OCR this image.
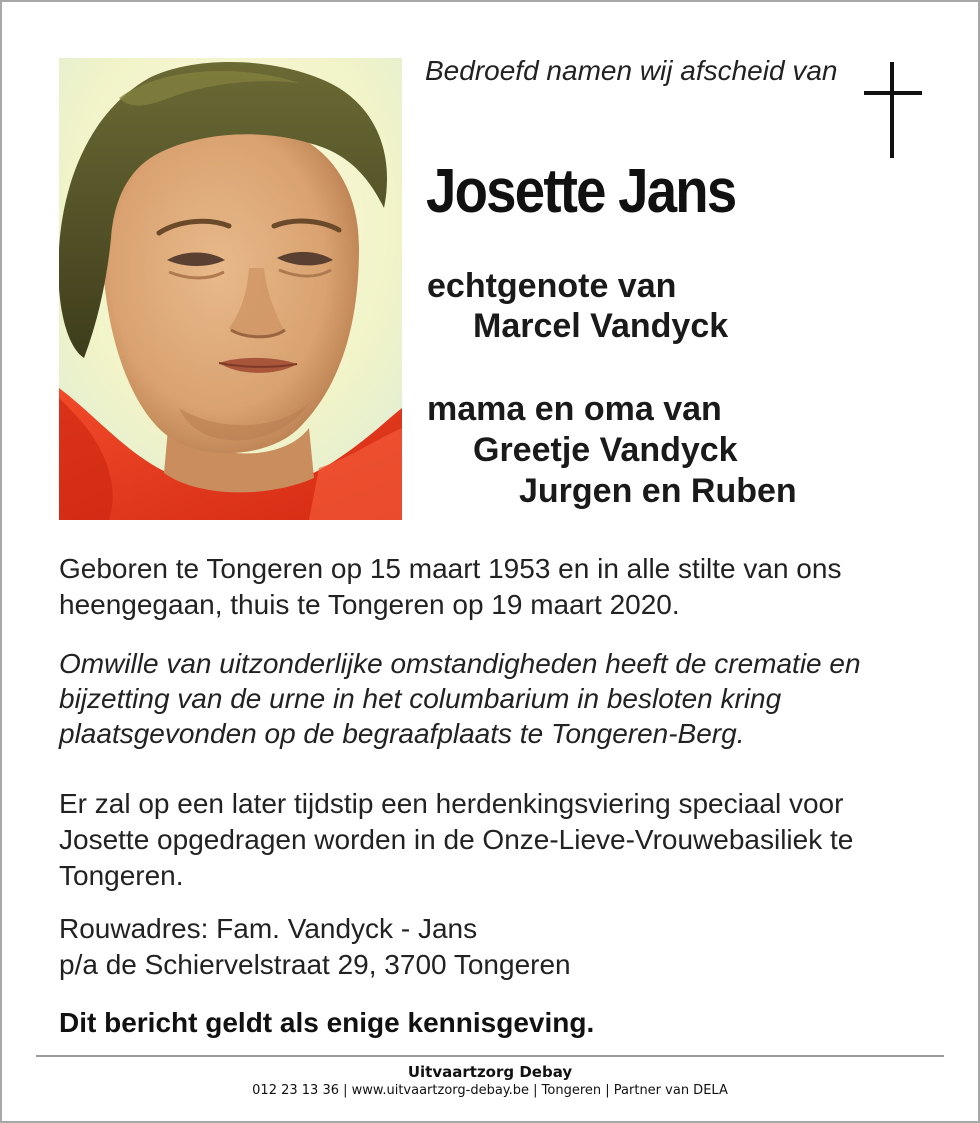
Bedroefd namen wij afscheid van
Josette Jans
echtgenote van
Marcel Vandyck
mama en oma van
Greetje Vandyck
Jurgen en Ruben
Geboren te Tongeren op 15 maart 1953 en in alle stilte van ons heengegaan, thuis te Tongeren op 19 maart 2020.
Omwille van uitzonderlijke omstandigheden heeft de crematie en bijzetting van de urne in het columbarium in besloten kring plaatsgevonden op de begraafplaats te Tongeren-Berg.
Er zal op een later tijdstip een herdenkingsviering speciaal voor Josette opgedragen worden in de Onze-Lieve-Vrouwebasiliek te Tongeren.
Rouwadres: Fam. Vandyck - Jans
p/a de Schiervelstraat 29, 3700 Tongeren
Dit bericht geldt als enige kennisgeving.
Uitvaartzorg Debay
012 23 13 36 | www.uitvaartzorg-debay.be | Tongeren | Partner van DELA
